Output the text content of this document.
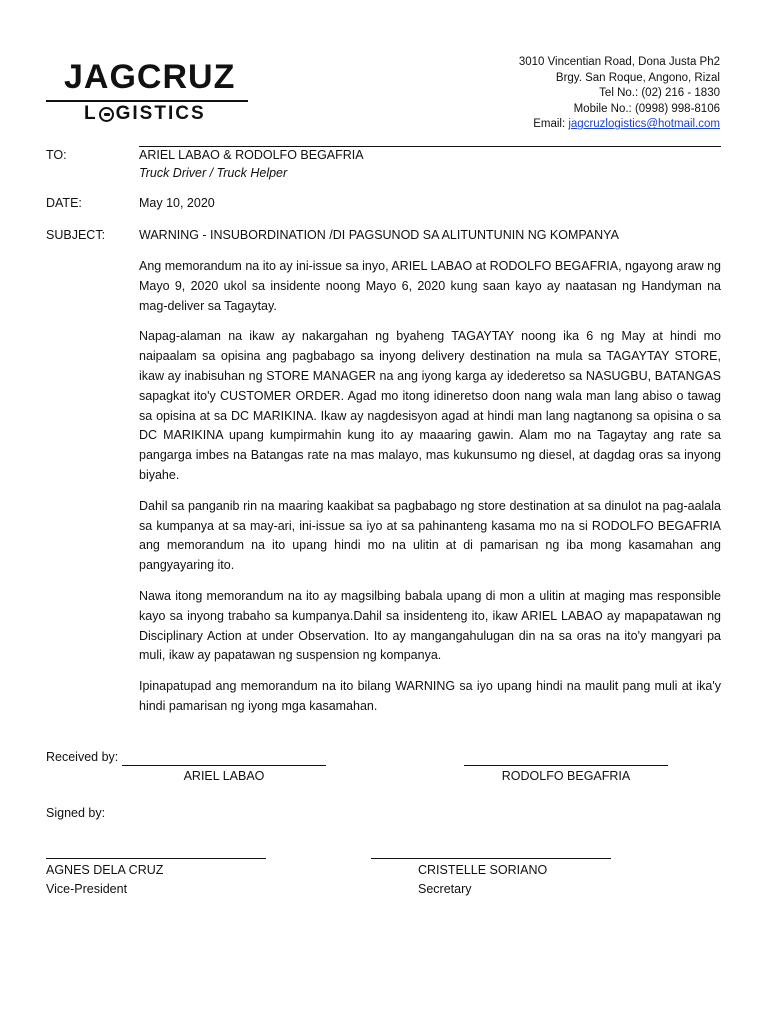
JAGCRUZ
L GISTICS
3010 Vincentian Road, Dona Justa Ph2
Brgy. San Roque, Angono, Rizal
Tel No.: (02) 216 - 1830
Mobile No.: (0998) 998-8106
Email: jagcruzlogistics@hotmail.com
TO:	ARIEL LABAO & RODOLFO BEGAFRIA
Truck Driver / Truck Helper
DATE:	May 10, 2020
SUBJECT:	WARNING - INSUBORDINATION /DI PAGSUNOD SA ALITUNTUNIN NG KOMPANYA

Ang memorandum na ito ay ini-issue sa inyo, ARIEL LABAO at RODOLFO BEGAFRIA, ngayong araw ng Mayo 9, 2020 ukol sa insidente noong Mayo 6, 2020 kung saan kayo ay naatasan ng Handyman na mag-deliver sa Tagaytay.

Napag-alaman na ikaw ay nakargahan ng byaheng TAGAYTAY noong ika 6 ng May at hindi mo naipaalam sa opisina ang pagbabago sa inyong delivery destination na mula sa TAGAYTAY STORE, ikaw ay inabisuhan ng STORE MANAGER na ang iyong karga ay idederetso sa NASUGBU, BATANGAS sapagkat ito'y CUSTOMER ORDER. Agad mo itong idineretso doon nang wala man lang abiso o tawag sa opisina at sa DC MARIKINA. Ikaw ay nagdesisyon agad at hindi man lang nagtanong sa opisina o sa DC MARIKINA upang kumpirmahin kung ito ay maaaring gawin. Alam mo na Tagaytay ang rate sa pangarga imbes na Batangas rate na mas malayo, mas kukunsumo ng diesel, at dagdag oras sa inyong biyahe.

Dahil sa panganib rin na maaring kaakibat sa pagbabago ng store destination at sa dinulot na pag-aalala sa kumpanya at sa may-ari, ini-issue sa iyo at sa pahinanteng kasama mo na si RODOLFO BEGAFRIA ang memorandum na ito upang hindi mo na ulitin at di pamarisan ng iba mong kasamahan ang pangyayaring ito.

Nawa itong memorandum na ito ay magsilbing babala upang di mon a ulitin at maging mas responsible kayo sa inyong trabaho sa kumpanya.Dahil sa insidenteng ito, ikaw ARIEL LABAO ay mapapatawan ng Disciplinary Action at under Observation. Ito ay mangangahulugan din na sa oras na ito'y mangyari pa muli, ikaw ay papatawan ng suspension ng kompanya.

Ipinapatupad ang memorandum na ito bilang WARNING sa iyo upang hindi na maulit pang muli at ika'y hindi pamarisan ng iyong mga kasamahan.

Received by:
ARIEL LABAO	RODOLFO BEGAFRIA
Signed by:
AGNES DELA CRUZ
Vice-President
CRISTELLE SORIANO
Secretary
